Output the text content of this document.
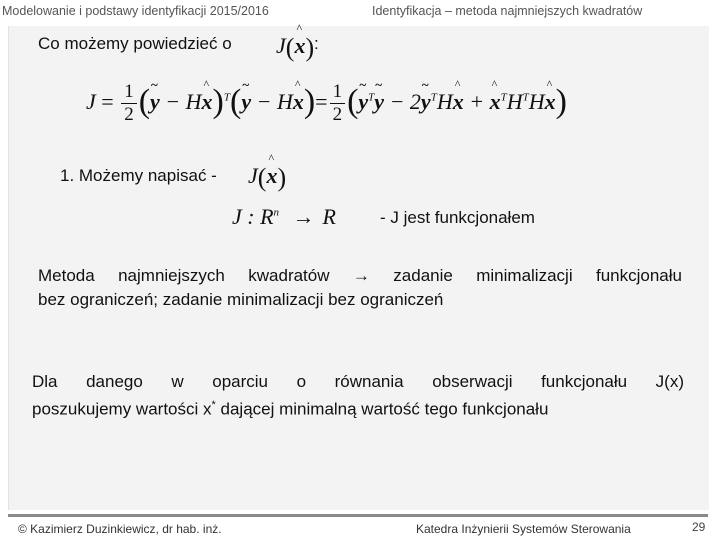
Modelowanie i podstawy identyfikacji 2015/2016	Identyfikacja – metoda najmniejszych kwadratów
Co możemy powiedzieć o J(^ x) :
$J = \frac{1}{2}$ (~ y − H^ x)$^T$(~ y − H^ $x)= \frac{1}{2}$ (~ $y^T\sim$ y − 2~ $y^TH\^{}$ x + ^ $x^TH^TH\^{}$ x)
1. Możemy napisać - J(^ x)
J : $R^n \to R$	- J jest funkcjonałem
Metoda najmniejszych kwadratów → zadanie minimalizacji funkcjonału
bez ograniczeń; zadanie minimalizacji bez ograniczeń
Dla danego w oparciu o równania obserwacji funkcjonału J(x)
poszukujemy wartości x* dającej minimalną wartość tego funkcjonału
© Kazimierz Duzinkiewicz, dr hab. inż.	Katedra Inżynierii Systemów Sterowania	29
